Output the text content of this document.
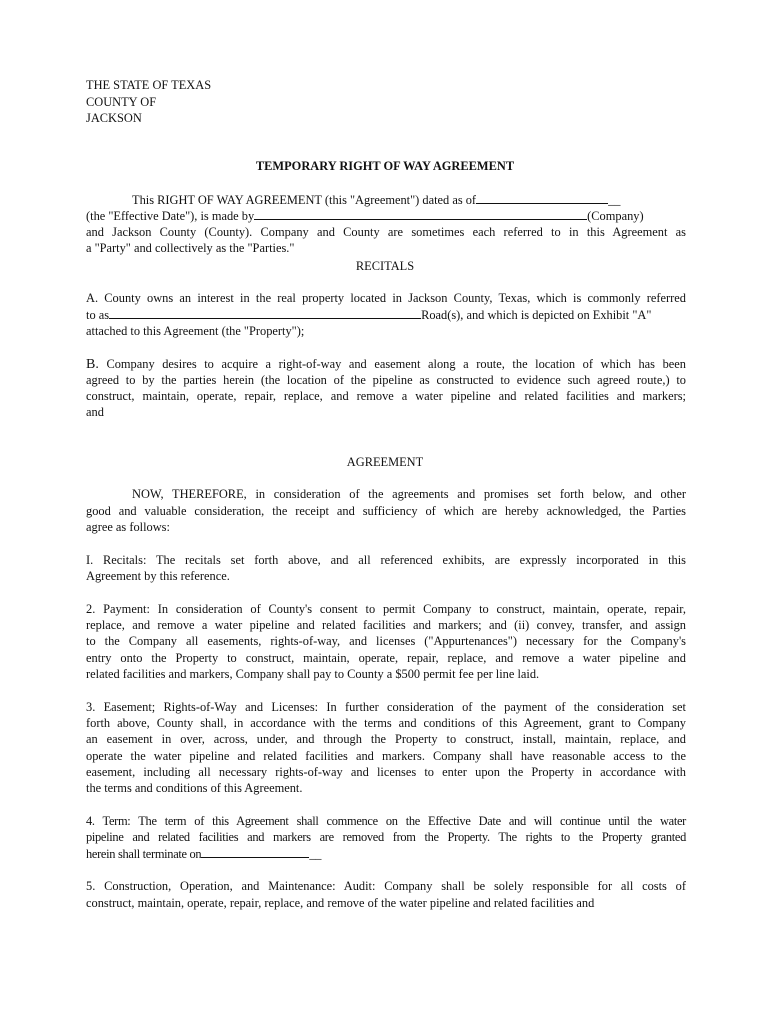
THE STATE OF TEXAS
COUNTY OF
JACKSON
TEMPORARY RIGHT OF WAY AGREEMENT
This RIGHT OF WAY AGREEMENT (this "Agreement") dated as of	__
(the "Effective Date"), is made by	(Company)
and Jackson County (County). Company and County are sometimes each referred to in this Agreement as
a "Party" and collectively as the "Parties."
RECITALS
A. County owns an interest in the real property located in Jackson County, Texas, which is commonly referred
to as	Road(s), and which is depicted on Exhibit "A"
attached to this Agreement (the "Property");
B. Company desires to acquire a right-of-way and easement along a route, the location of which has been
agreed to by the parties herein (the location of the pipeline as constructed to evidence such agreed route,) to
construct, maintain, operate, repair, replace, and remove a water pipeline and related facilities and markers;
and
AGREEMENT
NOW, THEREFORE, in consideration of the agreements and promises set forth below, and other
good and valuable consideration, the receipt and sufficiency of which are hereby acknowledged, the Parties
agree as follows:
I. Recitals: The recitals set forth above, and all referenced exhibits, are expressly incorporated in this
Agreement by this reference.
2. Payment: In consideration of County's consent to permit Company to construct, maintain, operate, repair,
replace, and remove a water pipeline and related facilities and markers; and (ii) convey, transfer, and assign
to the Company all easements, rights-of-way, and licenses ("Appurtenances") necessary for the Company's
entry onto the Property to construct, maintain, operate, repair, replace, and remove a water pipeline and
related facilities and markers, Company shall pay to County a $500 permit fee per line laid.
3. Easement; Rights-of-Way and Licenses: In further consideration of the payment of the consideration set
forth above, County shall, in accordance with the terms and conditions of this Agreement, grant to Company
an easement in over, across, under, and through the Property to construct, install, maintain, replace, and
operate the water pipeline and related facilities and markers. Company shall have reasonable access to the
easement, including all necessary rights-of-way and licenses to enter upon the Property in accordance with
the terms and conditions of this Agreement.
4. Term: The term of this Agreement shall commence on the Effective Date and will continue until the water
pipeline and related facilities and markers are removed from the Property. The rights to the Property granted
herein shall terminate on	__
5. Construction, Operation, and Maintenance: Audit: Company shall be solely responsible for all costs of
construct, maintain, operate, repair, replace, and remove of the water pipeline and related facilities and
